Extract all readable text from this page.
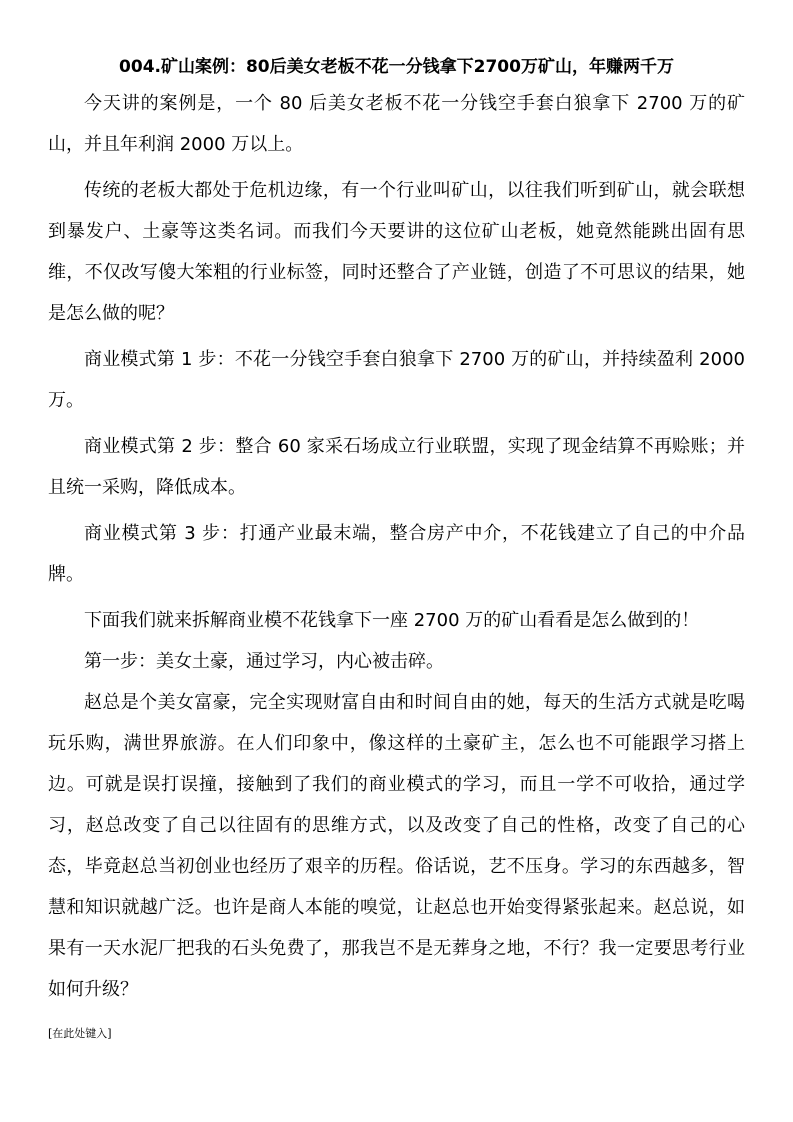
004.矿山案例：80后美女老板不花一分钱拿下2700万矿山，年赚两千万

今天讲的案例是，一个 80 后美女老板不花一分钱空手套白狼拿下 2700 万的矿山，并且年利润 2000 万以上。

传统的老板大都处于危机边缘，有一个行业叫矿山，以往我们听到矿山，就会联想到暴发户、土豪等这类名词。而我们今天要讲的这位矿山老板，她竟然能跳出固有思维，不仅改写傻大笨粗的行业标签，同时还整合了产业链，创造了不可思议的结果，她是怎么做的呢？

商业模式第 1 步：不花一分钱空手套白狼拿下 2700 万的矿山，并持续盈利 2000 万。

商业模式第 2 步：整合 60 家采石场成立行业联盟，实现了现金结算不再赊账；并且统一采购，降低成本。

商业模式第 3 步：打通产业最末端，整合房产中介，不花钱建立了自己的中介品牌。

下面我们就来拆解商业模不花钱拿下一座 2700 万的矿山看看是怎么做到的！

第一步：美女土豪，通过学习，内心被击碎。

赵总是个美女富豪，完全实现财富自由和时间自由的她，每天的生活方式就是吃喝玩乐购，满世界旅游。在人们印象中，像这样的土豪矿主，怎么也不可能跟学习搭上边。可就是误打误撞，接触到了我们的商业模式的学习，而且一学不可收拾，通过学习，赵总改变了自己以往固有的思维方式，以及改变了自己的性格，改变了自己的心态，毕竟赵总当初创业也经历了艰辛的历程。俗话说，艺不压身。学习的东西越多，智慧和知识就越广泛。也许是商人本能的嗅觉，让赵总也开始变得紧张起来。赵总说，如果有一天水泥厂把我的石头免费了，那我岂不是无葬身之地，不行？我一定要思考行业如何升级？

[在此处键入]
